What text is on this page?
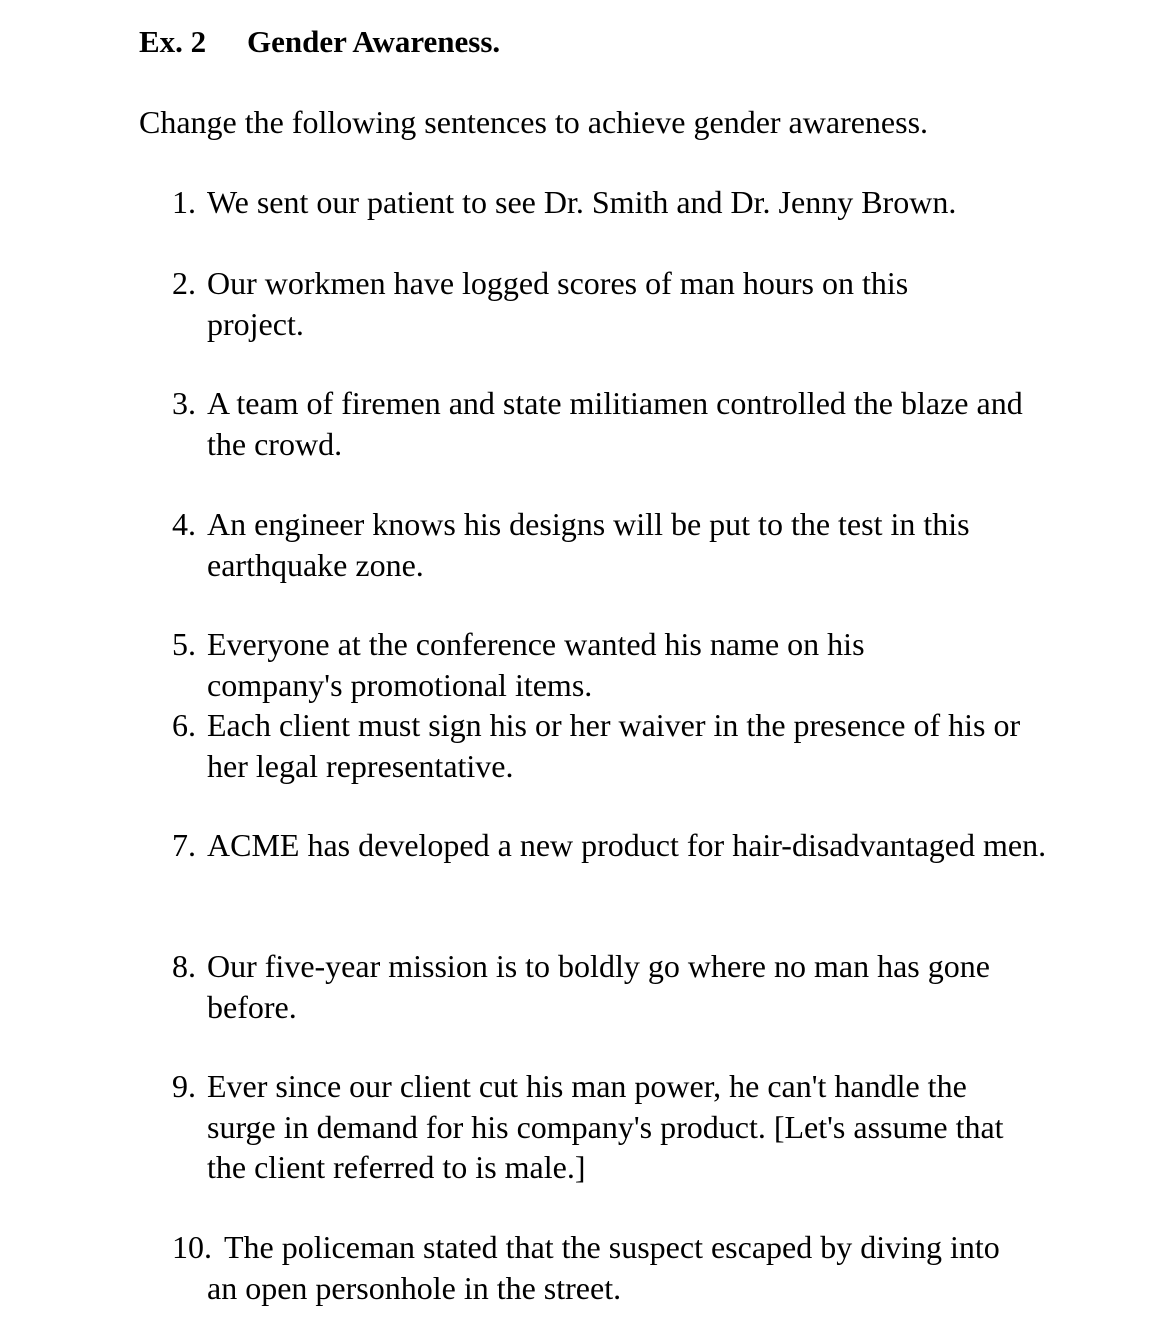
Ex. 2 Gender Awareness.
Change the following sentences to achieve gender awareness.
1. We sent our patient to see Dr. Smith and Dr. Jenny Brown.
2. Our workmen have logged scores of man hours on this project.
3. A team of firemen and state militiamen controlled the blaze and the crowd.
4. An engineer knows his designs will be put to the test in this earthquake zone.
5. Everyone at the conference wanted his name on his company's promotional items.
6. Each client must sign his or her waiver in the presence of his or her legal representative.
7. ACME has developed a new product for hair-disadvantaged men.
8. Our five-year mission is to boldly go where no man has gone before.
9. Ever since our client cut his man power, he can't handle the surge in demand for his company's product. [Let's assume that the client referred to is male.]
10. The policeman stated that the suspect escaped by diving into an open personhole in the street.
